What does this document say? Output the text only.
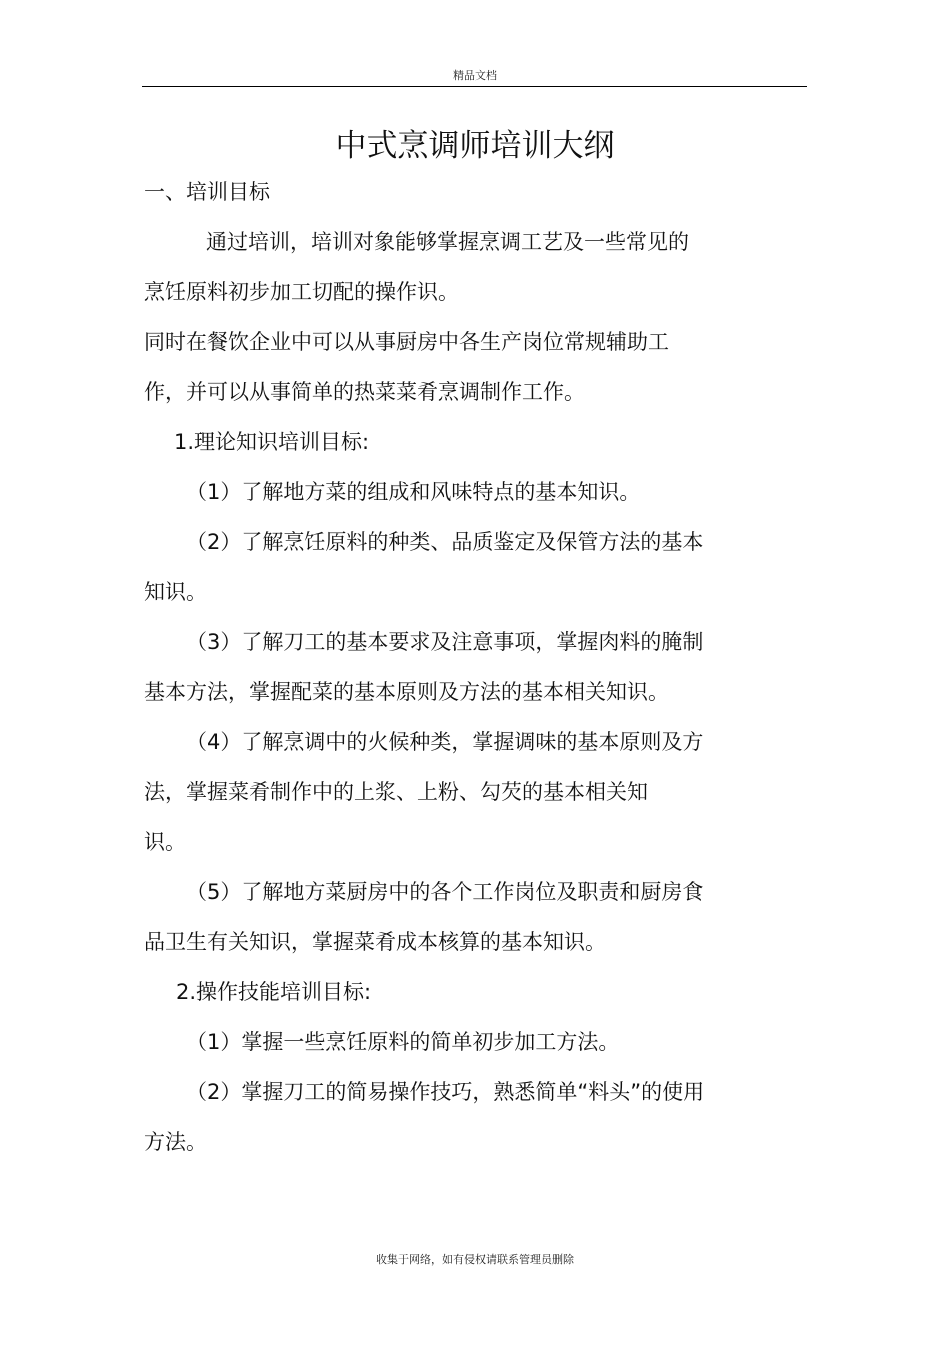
精品文档
中式烹调师培训大纲

一、培训目标

通过培训，培训对象能够掌握烹调工艺及一些常见的

烹饪原料初步加工切配的操作识。

同时在餐饮企业中可以从事厨房中各生产岗位常规辅助工

作，并可以从事简单的热菜菜肴烹调制作工作。

1.理论知识培训目标:

（1）了解地方菜的组成和风味特点的基本知识。

（2）了解烹饪原料的种类、品质鉴定及保管方法的基本

知识。

（3）了解刀工的基本要求及注意事项，掌握肉料的腌制

基本方法，掌握配菜的基本原则及方法的基本相关知识。

（4）了解烹调中的火候种类，掌握调味的基本原则及方

法，掌握菜肴制作中的上浆、上粉、勾芡的基本相关知

识。

（5）了解地方菜厨房中的各个工作岗位及职责和厨房食

品卫生有关知识，掌握菜肴成本核算的基本知识。

2.操作技能培训目标:

（1）掌握一些烹饪原料的简单初步加工方法。

（2）掌握刀工的简易操作技巧，熟悉简单“料头”的使用

方法。

收集于网络，如有侵权请联系管理员删除
